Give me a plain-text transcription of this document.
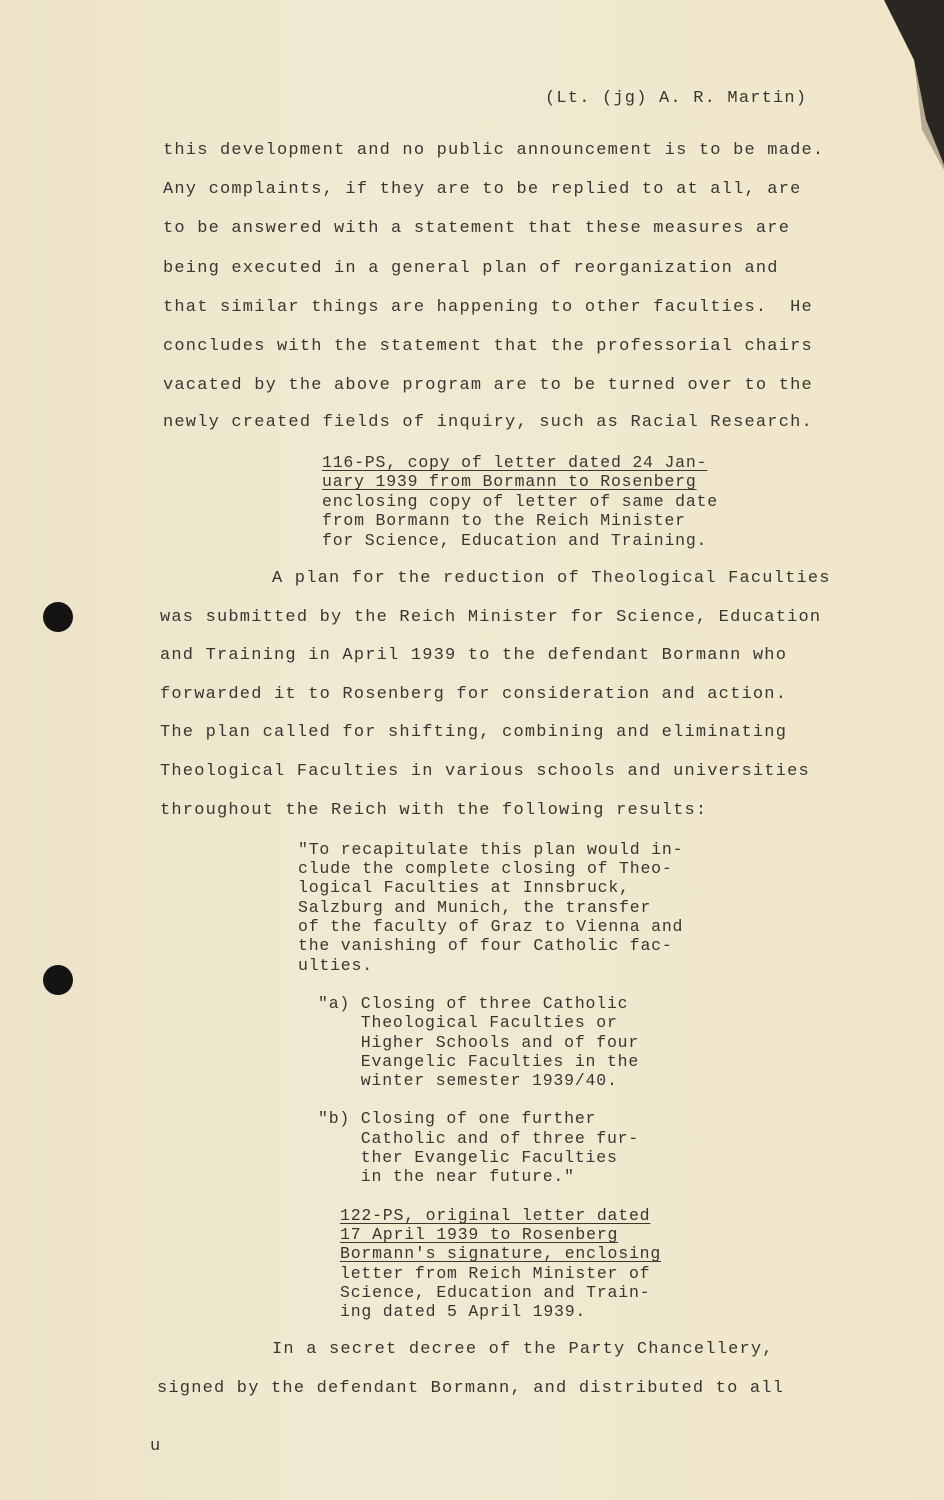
(Lt. (jg) A. R. Martin)
this development and no public announcement is to be made.
Any complaints, if they are to be replied to at all, are
to be answered with a statement that these measures are
being executed in a general plan of reorganization and
that similar things are happening to other faculties.  He
concludes with the statement that the professorial chairs
vacated by the above program are to be turned over to the
newly created fields of inquiry, such as Racial Research.
116-PS, copy of letter dated 24 Jan-
uary 1939 from Bormann to Rosenberg
enclosing copy of letter of same date
from Bormann to the Reich Minister
for Science, Education and Training.
A plan for the reduction of Theological Faculties
was submitted by the Reich Minister for Science, Education
and Training in April 1939 to the defendant Bormann who
forwarded it to Rosenberg for consideration and action.
The plan called for shifting, combining and eliminating
Theological Faculties in various schools and universities
throughout the Reich with the following results:
"To recapitulate this plan would in-
clude the complete closing of Theo-
logical Faculties at Innsbruck,
Salzburg and Munich, the transfer
of the faculty of Graz to Vienna and
the vanishing of four Catholic fac-
ulties.
"a) Closing of three Catholic
Theological Faculties or
Higher Schools and of four
Evangelic Faculties in the
winter semester 1939/40.
"b) Closing of one further
Catholic and of three fur-
ther Evangelic Faculties
in the near future."
122-PS, original letter dated
17 April 1939 to Rosenberg
Bormann's signature, enclosing
letter from Reich Minister of
Science, Education and Train-
ing dated 5 April 1939.
In a secret decree of the Party Chancellery,
signed by the defendant Bormann, and distributed to all
u
